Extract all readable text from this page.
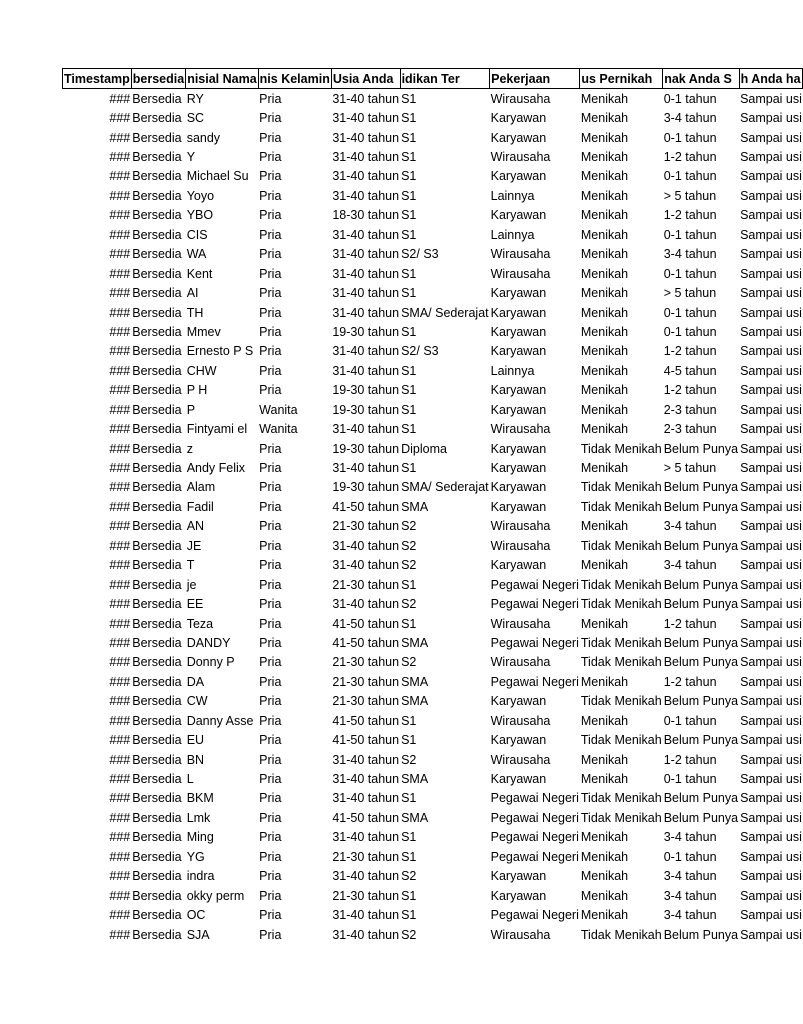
Timestamp	bersedia	nisial Nama	nis Kelamin	Usia Anda	idikan Ter	Pekerjaan	us Pernikah	nak Anda S	h Anda ha
###	Bersedia	RY	Pria	31-40 tahun	S1	Wirausaha	Menikah	0-1 tahun	Sampai usi
###	Bersedia	SC	Pria	31-40 tahun	S1	Karyawan	Menikah	3-4 tahun	Sampai usi
###	Bersedia	sandy	Pria	31-40 tahun	S1	Karyawan	Menikah	0-1 tahun	Sampai usi
###	Bersedia	Y	Pria	31-40 tahun	S1	Wirausaha	Menikah	1-2 tahun	Sampai usi
###	Bersedia	Michael Su	Pria	31-40 tahun	S1	Karyawan	Menikah	0-1 tahun	Sampai usi
###	Bersedia	Yoyo	Pria	31-40 tahun	S1	Lainnya	Menikah	> 5 tahun	Sampai usi
###	Bersedia	YBO	Pria	18-30 tahun	S1	Karyawan	Menikah	1-2 tahun	Sampai usi
###	Bersedia	CIS	Pria	31-40 tahun	S1	Lainnya	Menikah	0-1 tahun	Sampai usi
###	Bersedia	WA	Pria	31-40 tahun	S2/ S3	Wirausaha	Menikah	3-4 tahun	Sampai usi
###	Bersedia	Kent	Pria	31-40 tahun	S1	Wirausaha	Menikah	0-1 tahun	Sampai usi
###	Bersedia	AI	Pria	31-40 tahun	S1	Karyawan	Menikah	> 5 tahun	Sampai usi
###	Bersedia	TH	Pria	31-40 tahun	SMA/ Sederajat	Karyawan	Menikah	0-1 tahun	Sampai usi
###	Bersedia	Mmev	Pria	19-30 tahun	S1	Karyawan	Menikah	0-1 tahun	Sampai usi
###	Bersedia	Ernesto P S	Pria	31-40 tahun	S2/ S3	Karyawan	Menikah	1-2 tahun	Sampai usi
###	Bersedia	CHW	Pria	31-40 tahun	S1	Lainnya	Menikah	4-5 tahun	Sampai usi
###	Bersedia	P H	Pria	19-30 tahun	S1	Karyawan	Menikah	1-2 tahun	Sampai usi
###	Bersedia	P	Wanita	19-30 tahun	S1	Karyawan	Menikah	2-3 tahun	Sampai usi
###	Bersedia	Fintyami el	Wanita	31-40 tahun	S1	Wirausaha	Menikah	2-3 tahun	Sampai usi
###	Bersedia	z	Pria	19-30 tahun	Diploma	Karyawan	Tidak Menikah	Belum Punya	Sampai usi
###	Bersedia	Andy Felix	Pria	31-40 tahun	S1	Karyawan	Menikah	> 5 tahun	Sampai usi
###	Bersedia	Alam	Pria	19-30 tahun	SMA/ Sederajat	Karyawan	Tidak Menikah	Belum Punya	Sampai usi
###	Bersedia	Fadil	Pria	41-50 tahun	SMA	Karyawan	Tidak Menikah	Belum Punya	Sampai usi
###	Bersedia	AN	Pria	21-30 tahun	S2	Wirausaha	Menikah	3-4 tahun	Sampai usi
###	Bersedia	JE	Pria	31-40 tahun	S2	Wirausaha	Tidak Menikah	Belum Punya	Sampai usi
###	Bersedia	T	Pria	31-40 tahun	S2	Karyawan	Menikah	3-4 tahun	Sampai usi
###	Bersedia	je	Pria	21-30 tahun	S1	Pegawai Negeri	Tidak Menikah	Belum Punya	Sampai usi
###	Bersedia	EE	Pria	31-40 tahun	S2	Pegawai Negeri	Tidak Menikah	Belum Punya	Sampai usi
###	Bersedia	Teza	Pria	41-50 tahun	S1	Wirausaha	Menikah	1-2 tahun	Sampai usi
###	Bersedia	DANDY	Pria	41-50 tahun	SMA	Pegawai Negeri	Tidak Menikah	Belum Punya	Sampai usi
###	Bersedia	Donny P	Pria	21-30 tahun	S2	Wirausaha	Tidak Menikah	Belum Punya	Sampai usi
###	Bersedia	DA	Pria	21-30 tahun	SMA	Pegawai Negeri	Menikah	1-2 tahun	Sampai usi
###	Bersedia	CW	Pria	21-30 tahun	SMA	Karyawan	Tidak Menikah	Belum Punya	Sampai usi
###	Bersedia	Danny Asse	Pria	41-50 tahun	S1	Wirausaha	Menikah	0-1 tahun	Sampai usi
###	Bersedia	EU	Pria	41-50 tahun	S1	Karyawan	Tidak Menikah	Belum Punya	Sampai usi
###	Bersedia	BN	Pria	31-40 tahun	S2	Wirausaha	Menikah	1-2 tahun	Sampai usi
###	Bersedia	L	Pria	31-40 tahun	SMA	Karyawan	Menikah	0-1 tahun	Sampai usi
###	Bersedia	BKM	Pria	31-40 tahun	S1	Pegawai Negeri	Tidak Menikah	Belum Punya	Sampai usi
###	Bersedia	Lmk	Pria	41-50 tahun	SMA	Pegawai Negeri	Tidak Menikah	Belum Punya	Sampai usi
###	Bersedia	Ming	Pria	31-40 tahun	S1	Pegawai Negeri	Menikah	3-4 tahun	Sampai usi
###	Bersedia	YG	Pria	21-30 tahun	S1	Pegawai Negeri	Menikah	0-1 tahun	Sampai usi
###	Bersedia	indra	Pria	31-40 tahun	S2	Karyawan	Menikah	3-4 tahun	Sampai usi
###	Bersedia	okky perm	Pria	21-30 tahun	S1	Karyawan	Menikah	3-4 tahun	Sampai usi
###	Bersedia	OC	Pria	31-40 tahun	S1	Pegawai Negeri	Menikah	3-4 tahun	Sampai usi
###	Bersedia	SJA	Pria	31-40 tahun	S2	Wirausaha	Tidak Menikah	Belum Punya	Sampai usi
